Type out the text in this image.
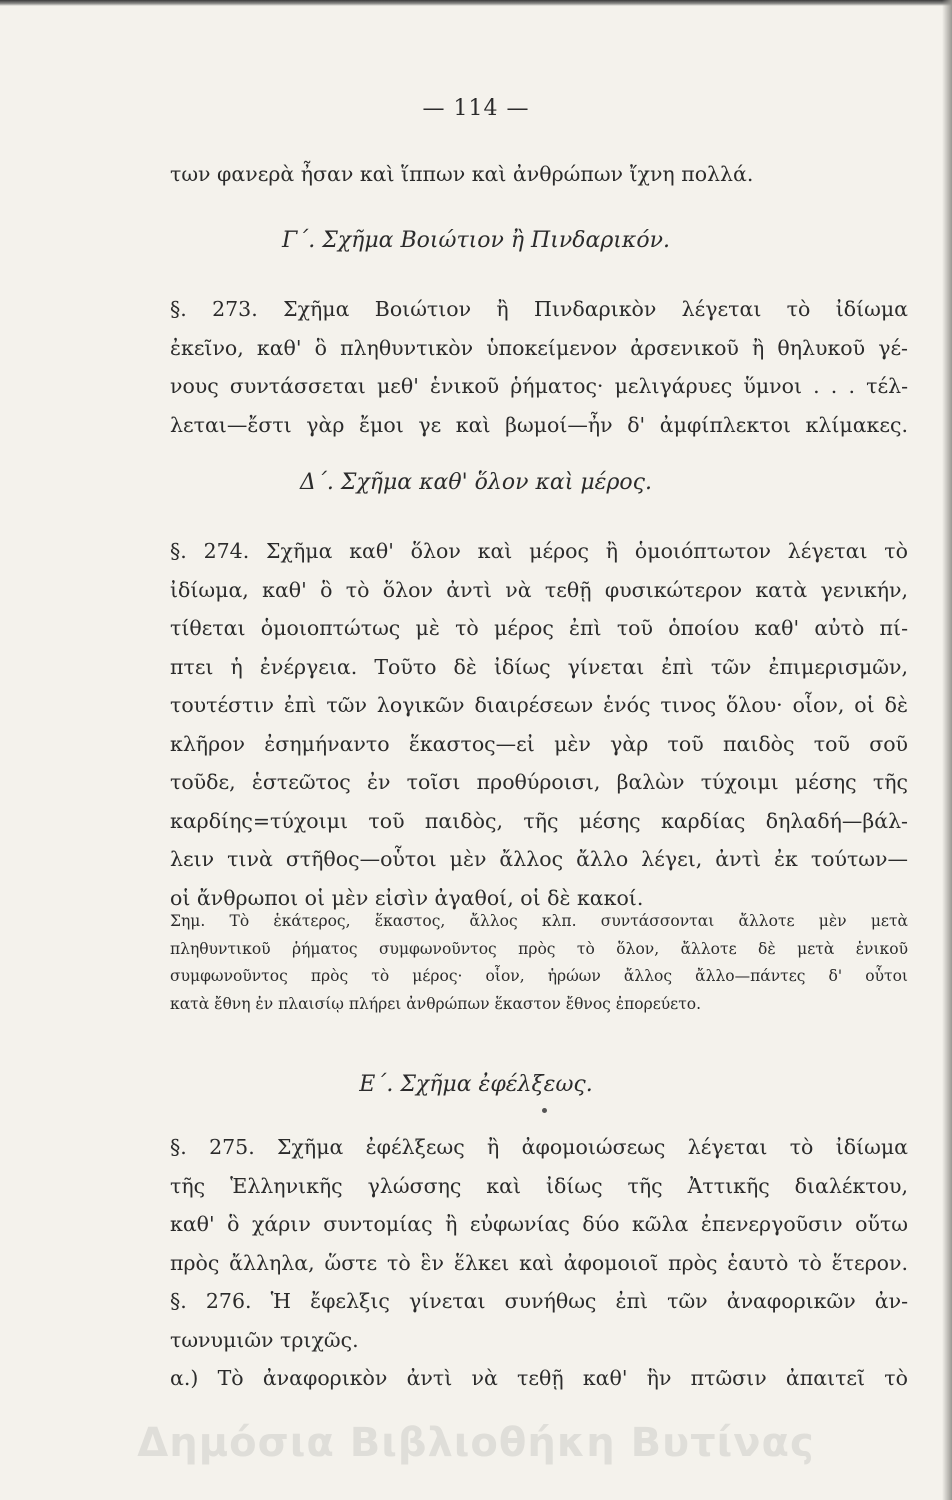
— 114 —
των φανερὰ ἦσαν καὶ ἵππων καὶ ἀνθρώπων ἴχνη πολλά.
Γ΄. Σχῆμα Βοιώτιον ἢ Πινδαρικόν.
§. 273. Σχῆμα Βοιώτιον ἢ Πινδαρικὸν λέγεται τὸ ἰδίωμα
ἐκεῖνο, καθ' ὃ πληθυντικὸν ὑποκείμενον ἀρσενικοῦ ἢ θηλυκοῦ γέ-
νους συντάσσεται μεθ' ἑνικοῦ ῥήματος· μελιγάρυες ὕμνοι . . . τέλ-
λεται—ἔστι γὰρ ἔμοι γε καὶ βωμοί—ἦν δ' ἀμφίπλεκτοι κλίμακες.
Δ΄. Σχῆμα καθ' ὅλον καὶ μέρος.
§. 274. Σχῆμα καθ' ὅλον καὶ μέρος ἢ ὁμοιόπτωτον λέγεται τὸ
ἰδίωμα, καθ' ὃ τὸ ὅλον ἀντὶ νὰ τεθῇ φυσικώτερον κατὰ γενικήν,
τίθεται ὁμοιοπτώτως μὲ τὸ μέρος ἐπὶ τοῦ ὁποίου καθ' αὐτὸ πί-
πτει ἡ ἐνέργεια. Τοῦτο δὲ ἰδίως γίνεται ἐπὶ τῶν ἐπιμερισμῶν,
τουτέστιν ἐπὶ τῶν λογικῶν διαιρέσεων ἑνός τινος ὅλου· οἷον, οἱ δὲ
κλῆρον ἐσημήναντο ἕκαστος—εἰ μὲν γὰρ τοῦ παιδὸς τοῦ σοῦ
τοῦδε, ἑστεῶτος ἐν τοῖσι προθύροισι, βαλὼν τύχοιμι μέσης τῆς
καρδίης=τύχοιμι τοῦ παιδὸς, τῆς μέσης καρδίας δηλαδή—βάλ-
λειν τινὰ στῆθος—οὗτοι μὲν ἄλλος ἄλλο λέγει, ἀντὶ ἐκ τούτων—
οἱ ἄνθρωποι οἱ μὲν εἰσὶν ἀγαθοί, οἱ δὲ κακοί.
Σημ. Τὸ ἑκάτερος, ἕκαστος, ἄλλος κλπ. συντάσσονται ἄλλοτε μὲν μετὰ
πληθυντικοῦ ῥήματος συμφωνοῦντος πρὸς τὸ ὅλον, ἄλλοτε δὲ μετὰ ἑνικοῦ
συμφωνοῦντος πρὸς τὸ μέρος· οἷον, ἡρώων ἄλλος ἄλλο—πάντες δ' οὗτοι
κατὰ ἔθνη ἐν πλαισίῳ πλήρει ἀνθρώπων ἕκαστον ἔθνος ἐπορεύετο.
Ε΄. Σχῆμα ἐφέλξεως.
§. 275. Σχῆμα ἐφέλξεως ἢ ἀφομοιώσεως λέγεται τὸ ἰδίωμα
τῆς Ἑλληνικῆς γλώσσης καὶ ἰδίως τῆς Ἀττικῆς διαλέκτου,
καθ' ὃ χάριν συντομίας ἢ εὐφωνίας δύο κῶλα ἐπενεργοῦσιν οὕτω
πρὸς ἄλληλα, ὥστε τὸ ἓν ἕλκει καὶ ἀφομοιοῖ πρὸς ἑαυτὸ τὸ ἕτερον.
§. 276. Ἡ ἔφελξις γίνεται συνήθως ἐπὶ τῶν ἀναφορικῶν ἀν-
τωνυμιῶν τριχῶς.
α.) Τὸ ἀναφορικὸν ἀντὶ νὰ τεθῇ καθ' ἣν πτῶσιν ἀπαιτεῖ τὸ
Δημόσια Βιβλιοθήκη Βυτίνας
